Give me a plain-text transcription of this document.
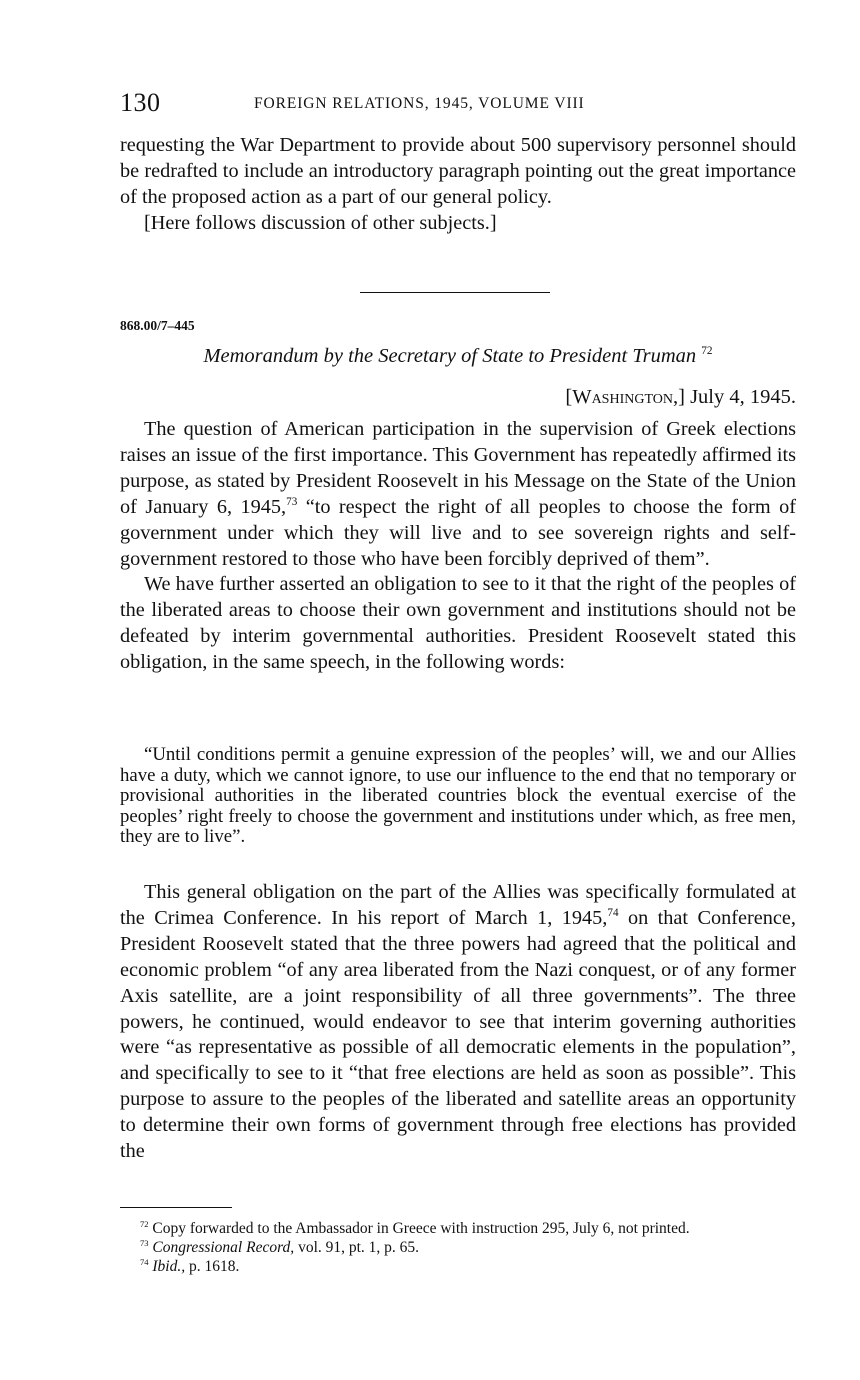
130	FOREIGN RELATIONS, 1945, VOLUME VIII

requesting the War Department to provide about 500 supervisory personnel should be redrafted to include an introductory paragraph pointing out the great importance of the proposed action as a part of our general policy.

[Here follows discussion of other subjects.]

868.00/7–445
Memorandum by the Secretary of State to President Truman $^{72}$
[Washington,] July 4, 1945.

The question of American participation in the supervision of Greek elections raises an issue of the first importance. This Government has repeatedly affirmed its purpose, as stated by President Roosevelt in his Message on the State of the Union of January 6, 1945,73 “to respect the right of all peoples to choose the form of government under which they will live and to see sovereign rights and self-government restored to those who have been forcibly deprived of them”.

We have further asserted an obligation to see to it that the right of the peoples of the liberated areas to choose their own government and institutions should not be defeated by interim governmental authorities. President Roosevelt stated this obligation, in the same speech, in the following words:

“Until conditions permit a genuine expression of the peoples’ will, we and our Allies have a duty, which we cannot ignore, to use our influence to the end that no temporary or provisional authorities in the liberated countries block the eventual exercise of the peoples’ right freely to choose the government and institutions under which, as free men, they are to live”.

This general obligation on the part of the Allies was specifically formulated at the Crimea Conference. In his report of March 1, 1945,74 on that Conference, President Roosevelt stated that the three powers had agreed that the political and economic problem “of any area liberated from the Nazi conquest, or of any former Axis satellite, are a joint responsibility of all three governments”. The three powers, he continued, would endeavor to see that interim governing authorities were “as representative as possible of all democratic elements in the population”, and specifically to see to it “that free elections are held as soon as possible”. This purpose to assure to the peoples of the liberated and satellite areas an opportunity to determine their own forms of government through free elections has provided the

$^{72}$ Copy forwarded to the Ambassador in Greece with instruction 295, July 6, not printed.

$^{73}$ Congressional Record, vol. 91, pt. 1, p. 65.

$^{74}$ Ibid., p. 1618.
